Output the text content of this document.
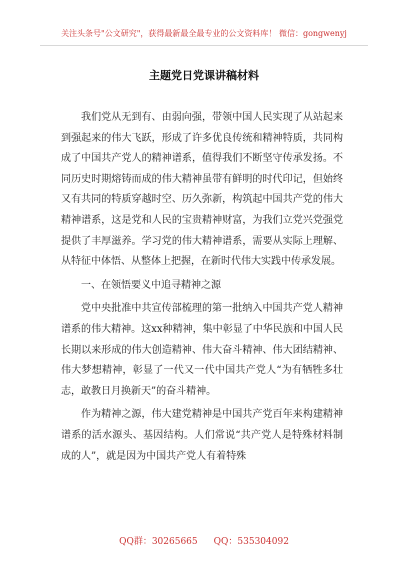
关注头条号"公文研究"，获得最新最全最专业的公文资料库！ 微信：gongwenyj
主题党日党课讲稿材料

我们党从无到有、由弱向强，带领中国人民实现了从站起来到强起来的伟大飞跃，形成了许多优良传统和精神特质，共同构成了中国共产党人的精神谱系，值得我们不断坚守传承发扬。不同历史时期熔铸而成的伟大精神虽带有鲜明的时代印记，但始终又有共同的特质穿越时空、历久弥新，构筑起中国共产党的伟大精神谱系，这是党和人民的宝贵精神财富，为我们立党兴党强党提供了丰厚滋养。学习党的伟大精神谱系，需要从实际上理解、从特征中体悟、从整体上把握，在新时代伟大实践中传承发展。

一、在领悟要义中追寻精神之源

党中央批准中共宣传部梳理的第一批纳入中国共产党人精神谱系的伟大精神。这xx种精神，集中彰显了中华民族和中国人民长期以来形成的伟大创造精神、伟大奋斗精神、伟大团结精神、伟大梦想精神，彰显了一代又一代中国共产党人“为有牺牲多壮志，敢教日月换新天”的奋斗精神。

作为精神之源，伟大建党精神是中国共产党百年来构建精神谱系的活水源头、基因结构。人们常说“共产党人是特殊材料制成的人”，就是因为中国共产党人有着特殊

QQ群：30265665 QQ：535304092
